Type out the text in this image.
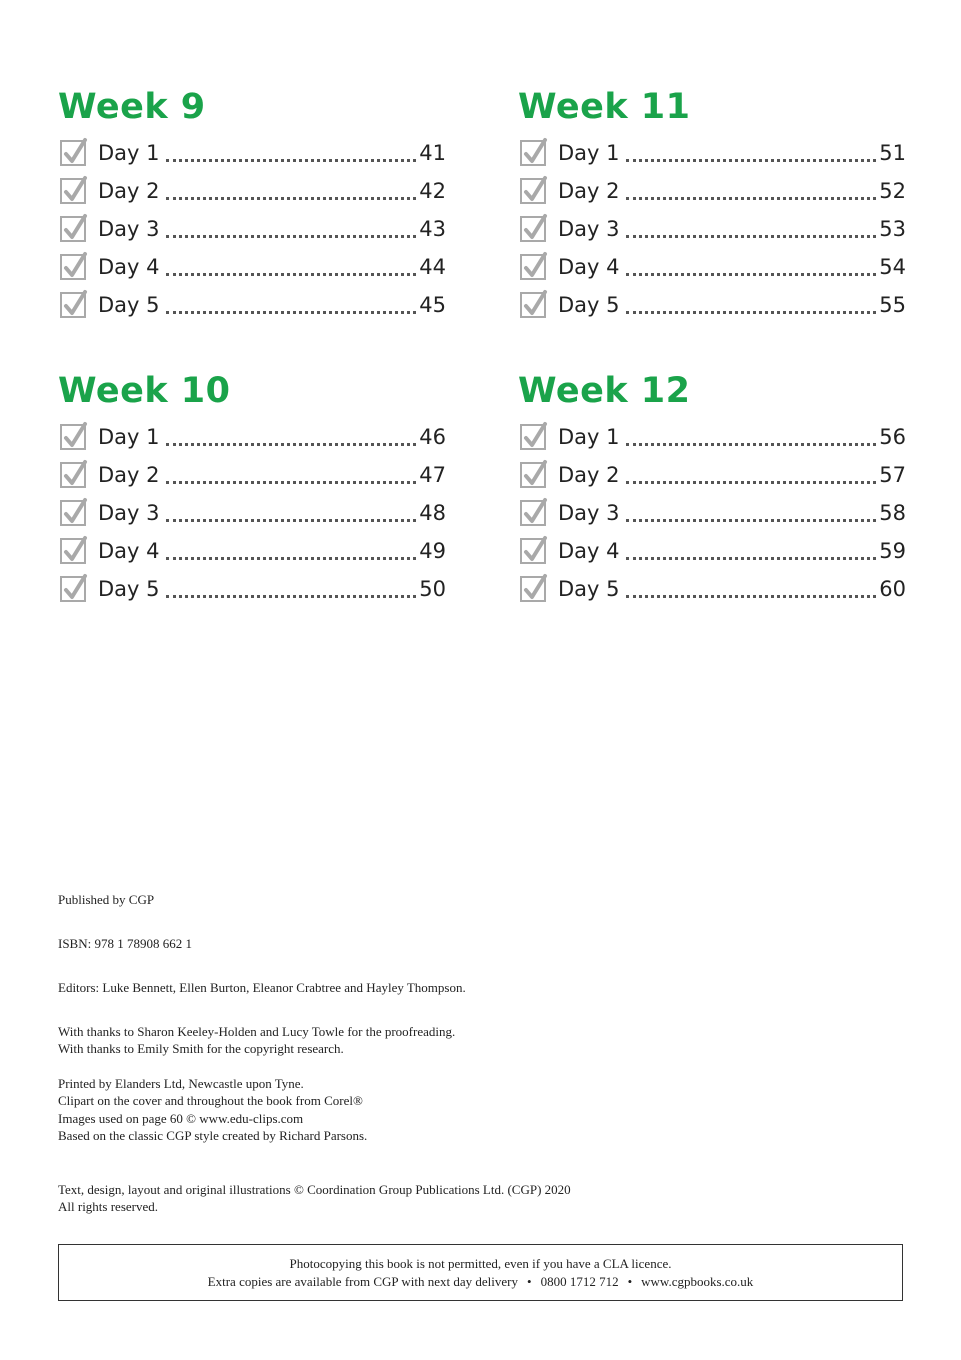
Week 9
Day 1	41
Day 2	42
Day 3	43
Day 4	44
Day 5	45
Week 11
Day 1	51
Day 2	52
Day 3	53
Day 4	54
Day 5	55
Week 10
Day 1	46
Day 2	47
Day 3	48
Day 4	49
Day 5	50
Week 12
Day 1	56
Day 2	57
Day 3	58
Day 4	59
Day 5	60

Published by CGP

ISBN: 978 1 78908 662 1

Editors: Luke Bennett, Ellen Burton, Eleanor Crabtree and Hayley Thompson.

With thanks to Sharon Keeley-Holden and Lucy Towle for the proofreading.

With thanks to Emily Smith for the copyright research.

Printed by Elanders Ltd, Newcastle upon Tyne.

Clipart on the cover and throughout the book from Corel®

Images used on page 60 © www.edu-clips.com

Based on the classic CGP style created by Richard Parsons.

Text, design, layout and original illustrations © Coordination Group Publications Ltd. (CGP) 2020

All rights reserved.

Photocopying this book is not permitted, even if you have a CLA licence.
Extra copies are available from CGP with next day delivery • 0800 1712 712 • www.cgpbooks.co.uk
